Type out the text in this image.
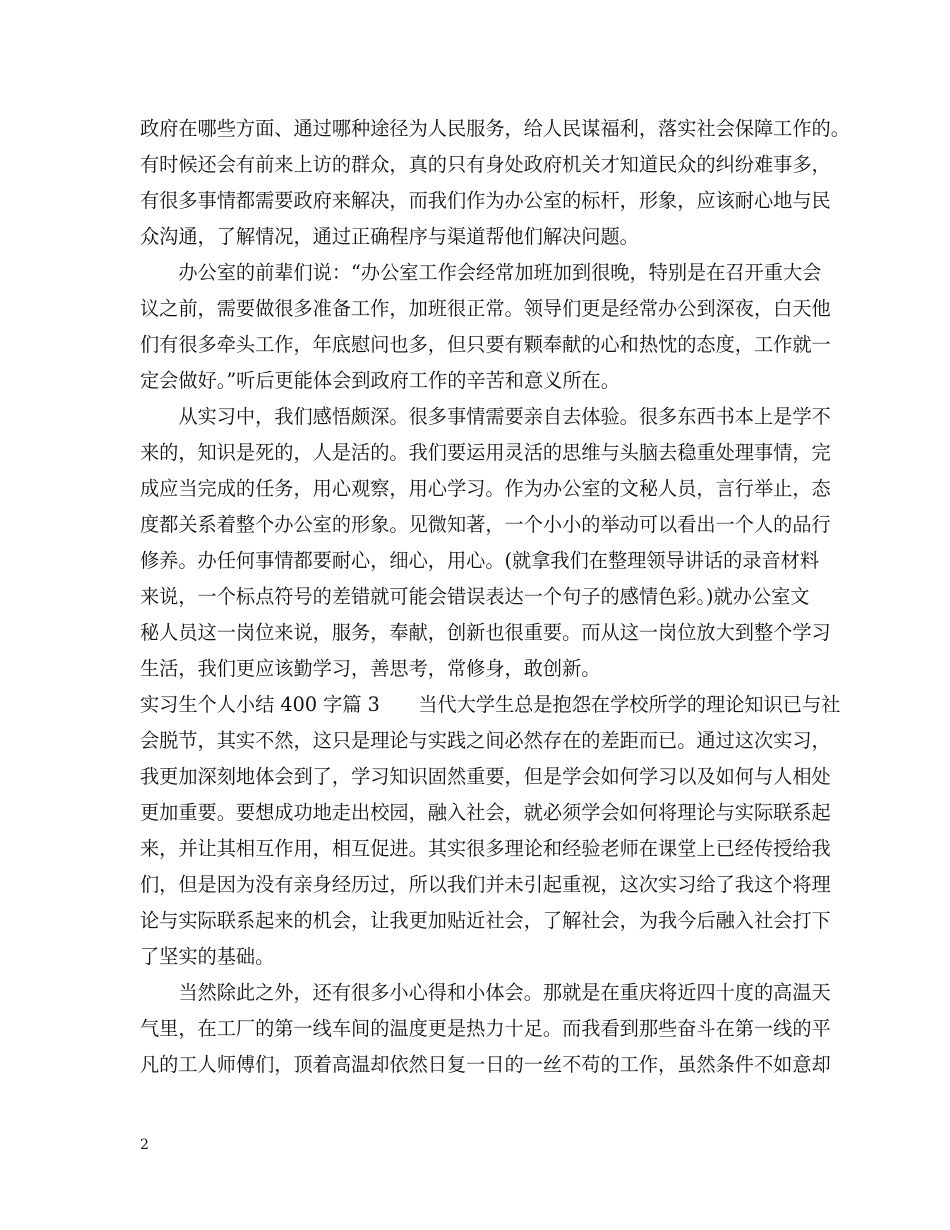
政府在哪些方面、通过哪种途径为人民服务，给人民谋福利，落实社会保障工作的。
有时候还会有前来上访的群众，真的只有身处政府机关才知道民众的纠纷难事多，
有很多事情都需要政府来解决，而我们作为办公室的标杆，形象，应该耐心地与民
众沟通，了解情况，通过正确程序与渠道帮他们解决问题。
　　办公室的前辈们说：“办公室工作会经常加班加到很晚，特别是在召开重大会
议之前，需要做很多准备工作，加班很正常。领导们更是经常办公到深夜，白天他
们有很多牵头工作，年底慰问也多，但只要有颗奉献的心和热忱的态度，工作就一
定会做好。”听后更能体会到政府工作的辛苦和意义所在。
　　从实习中，我们感悟颇深。很多事情需要亲自去体验。很多东西书本上是学不
来的，知识是死的，人是活的。我们要运用灵活的思维与头脑去稳重处理事情，完
成应当完成的任务，用心观察，用心学习。作为办公室的文秘人员，言行举止，态
度都关系着整个办公室的形象。见微知著，一个小小的举动可以看出一个人的品行
修养。办任何事情都要耐心，细心，用心。(就拿我们在整理领导讲话的录音材料
来说，一个标点符号的差错就可能会错误表达一个句子的感情色彩。)就办公室文
秘人员这一岗位来说，服务，奉献，创新也很重要。而从这一岗位放大到整个学习
生活，我们更应该勤学习，善思考，常修身，敢创新。
实习生个人小结 400 字篇 3　　当代大学生总是抱怨在学校所学的理论知识已与社
会脱节，其实不然，这只是理论与实践之间必然存在的差距而已。通过这次实习，
我更加深刻地体会到了，学习知识固然重要，但是学会如何学习以及如何与人相处
更加重要。要想成功地走出校园，融入社会，就必须学会如何将理论与实际联系起
来，并让其相互作用，相互促进。其实很多理论和经验老师在课堂上已经传授给我
们，但是因为没有亲身经历过，所以我们并未引起重视，这次实习给了我这个将理
论与实际联系起来的机会，让我更加贴近社会，了解社会，为我今后融入社会打下
了坚实的基础。
　　当然除此之外，还有很多小心得和小体会。那就是在重庆将近四十度的高温天
气里，在工厂的第一线车间的温度更是热力十足。而我看到那些奋斗在第一线的平
凡的工人师傅们，顶着高温却依然日复一日的一丝不苟的工作，虽然条件不如意却
2
